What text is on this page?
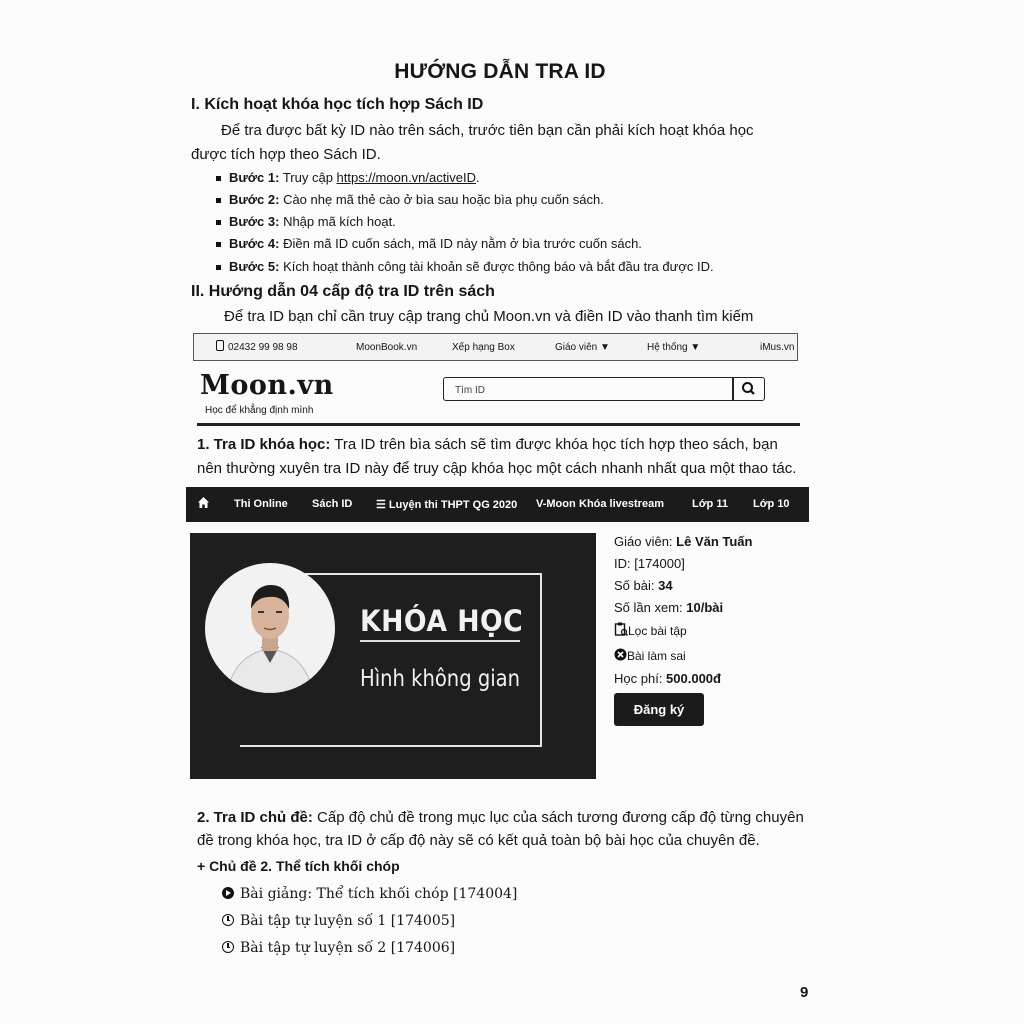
HƯỚNG DẪN TRA ID
I. Kích hoạt khóa học tích hợp Sách ID
Để tra được bất kỳ ID nào trên sách, trước tiên bạn cần phải kích hoạt khóa học
được tích hợp theo Sách ID.
Bước 1: Truy cập https://moon.vn/activeID.
Bước 2: Cào nhẹ mã thẻ cào ở bìa sau hoặc bìa phụ cuốn sách.
Bước 3: Nhập mã kích hoạt.
Bước 4: Điền mã ID cuốn sách, mã ID này nằm ở bìa trước cuốn sách.
Bước 5: Kích hoạt thành công tài khoản sẽ được thông báo và bắt đầu tra được ID.
II. Hướng dẫn 04 cấp độ tra ID trên sách
Để tra ID bạn chỉ cần truy cập trang chủ Moon.vn và điền ID vào thanh tìm kiếm
02432 99 98 98	MoonBook.vn	Xếp hạng Box	Giáo viên ▼	Hệ thống ▼	iMus.vn
Moon.vn
Học để khẳng định mình
Tìm ID
1. Tra ID khóa học: Tra ID trên bìa sách sẽ tìm được khóa học tích hợp theo sách, bạn
nên thường xuyên tra ID này để truy cập khóa học một cách nhanh nhất qua một thao tác.
Thi Online Sách ID ☰ Luyện thi THPT QG 2020 V-Moon Khóa livestream	Lớp 11 Lớp 10
KHÓA HỌC
Hình không gian
Giáo viên: Lê Văn Tuấn
ID: [174000]
Số bài: 34
Số lần xem: 10/bài
Lọc bài tập
Bài làm sai
Học phí: 500.000đ
Đăng ký
2. Tra ID chủ đề: Cấp độ chủ đề trong mục lục của sách tương đương cấp độ từng chuyên
đề trong khóa học, tra ID ở cấp độ này sẽ có kết quả toàn bộ bài học của chuyên đề.
+ Chủ đề 2. Thể tích khối chóp
Bài giảng: Thể tích khối chóp [174004]
Bài tập tự luyện số 1 [174005]
Bài tập tự luyện số 2 [174006]
9
